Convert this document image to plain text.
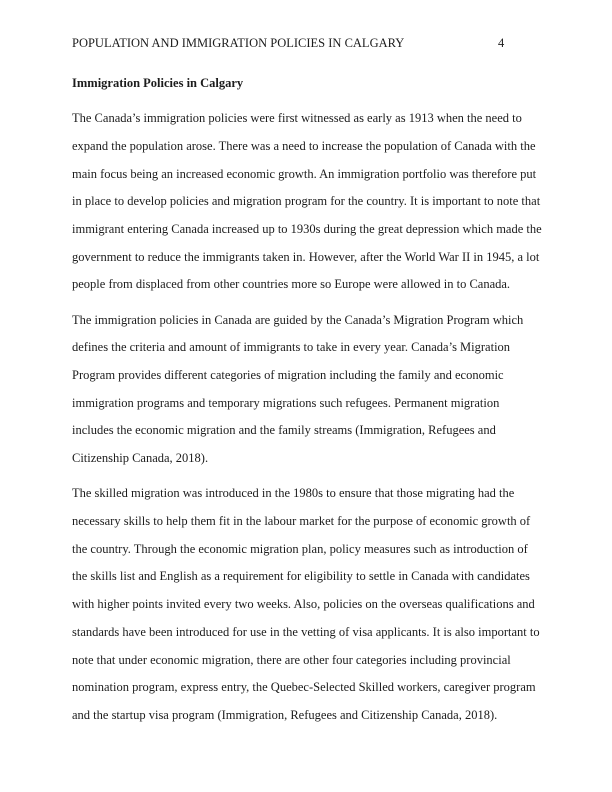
POPULATION AND IMMIGRATION POLICIES IN CALGARY	4
Immigration Policies in Calgary

The Canada’s immigration policies were first witnessed as early as 1913 when the need to expand the population arose. There was a need to increase the population of Canada with the main focus being an increased economic growth. An immigration portfolio was therefore put in place to develop policies and migration program for the country. It is important to note that immigrant entering Canada increased up to 1930s during the great depression which made the government to reduce the immigrants taken in. However, after the World War II in 1945, a lot people from displaced from other countries more so Europe were allowed in to Canada.

The immigration policies in Canada are guided by the Canada’s Migration Program which defines the criteria and amount of immigrants to take in every year. Canada’s Migration Program provides different categories of migration including the family and economic immigration programs and temporary migrations such refugees. Permanent migration includes the economic migration and the family streams (Immigration, Refugees and Citizenship Canada, 2018).

The skilled migration was introduced in the 1980s to ensure that those migrating had the necessary skills to help them fit in the labour market for the purpose of economic growth of the country. Through the economic migration plan, policy measures such as introduction of the skills list and English as a requirement for eligibility to settle in Canada with candidates with higher points invited every two weeks. Also, policies on the overseas qualifications and standards have been introduced for use in the vetting of visa applicants. It is also important to note that under economic migration, there are other four categories including provincial nomination program, express entry, the Quebec-Selected Skilled workers, caregiver program and the startup visa program (Immigration, Refugees and Citizenship Canada, 2018).
